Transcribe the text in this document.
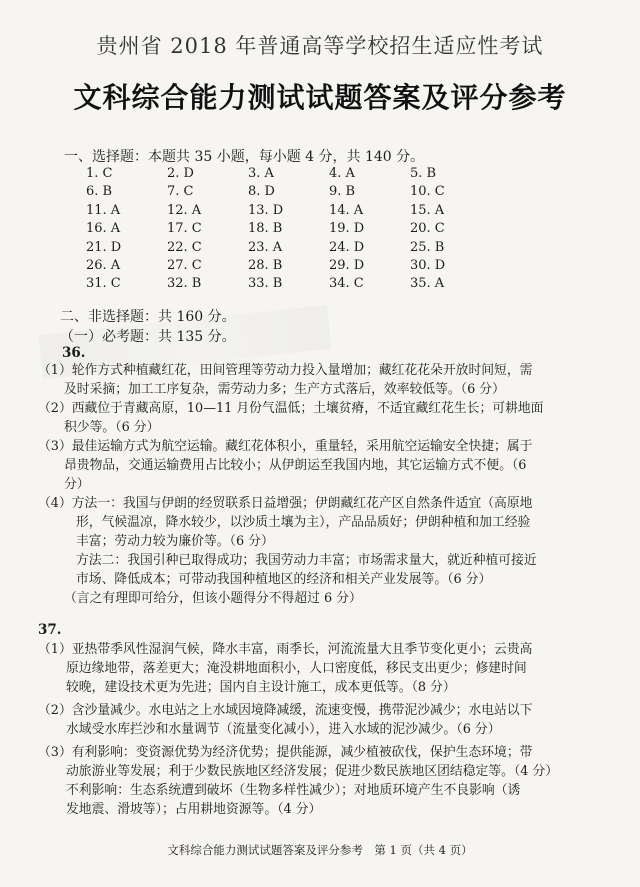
贵州省 2018 年普通高等学校招生适应性考试
文科综合能力测试试题答案及评分参考
一、选择题：本题共 35 小题，每小题 4 分，共 140 分。
1. C	2. D	3. A	4. A	5. B
6. B	7. C	8. D	9. B	10. C
11. A	12. A	13. D	14. A	15. A
16. A	17. C	18. B	19. D	20. C
21. D	22. C	23. A	24. D	25. B
26. A	27. C	28. B	29. D	30. D
31. C	32. B	33. B	34. C	35. A
二、非选择题：共 160 分。
（一）必考题：共 135 分。
36.
（1）轮作方式种植藏红花，田间管理等劳动力投入量增加；藏红花花朵开放时间短，需
及时采摘；加工工序复杂，需劳动力多；生产方式落后，效率较低等。（6 分）
（2）西藏位于青藏高原，10—11 月份气温低；土壤贫瘠，不适宜藏红花生长；可耕地面
积少等。（6 分）
（3）最佳运输方式为航空运输。藏红花体积小，重量轻，采用航空运输安全快捷；属于
昂贵物品，交通运输费用占比较小；从伊朗运至我国内地，其它运输方式不便。（6
分）
（4）方法一：我国与伊朗的经贸联系日益增强；伊朗藏红花产区自然条件适宜（高原地
形，气候温凉，降水较少，以沙质土壤为主），产品品质好；伊朗种植和加工经验
丰富；劳动力较为廉价等。（6 分）
方法二：我国引种已取得成功；我国劳动力丰富；市场需求量大，就近种植可接近
市场、降低成本；可带动我国种植地区的经济和相关产业发展等。（6 分）
（言之有理即可给分，但该小题得分不得超过 6 分）
37.
（1）亚热带季风性湿润气候，降水丰富，雨季长，河流流量大且季节变化更小；云贵高
原边缘地带，落差更大；淹没耕地面积小，人口密度低，移民支出更少；修建时间
较晚，建设技术更为先进；国内自主设计施工，成本更低等。（8 分）
（2）含沙量减少。水电站之上水域因境降减缓，流速变慢，携带泥沙减少；水电站以下
水域受水库拦沙和水量调节（流量变化减小），进入水域的泥沙减少。（6 分）
（3）有利影响：变资源优势为经济优势；提供能源，减少植被砍伐，保护生态环境；带
动旅游业等发展；利于少数民族地区经济发展；促进少数民族地区团结稳定等。（4 分）
不利影响：生态系统遭到破坏（生物多样性减少）；对地质环境产生不良影响（诱
发地震、滑坡等）；占用耕地资源等。（4 分）
文科综合能力测试试题答案及评分参考　第 1 页（共 4 页）
